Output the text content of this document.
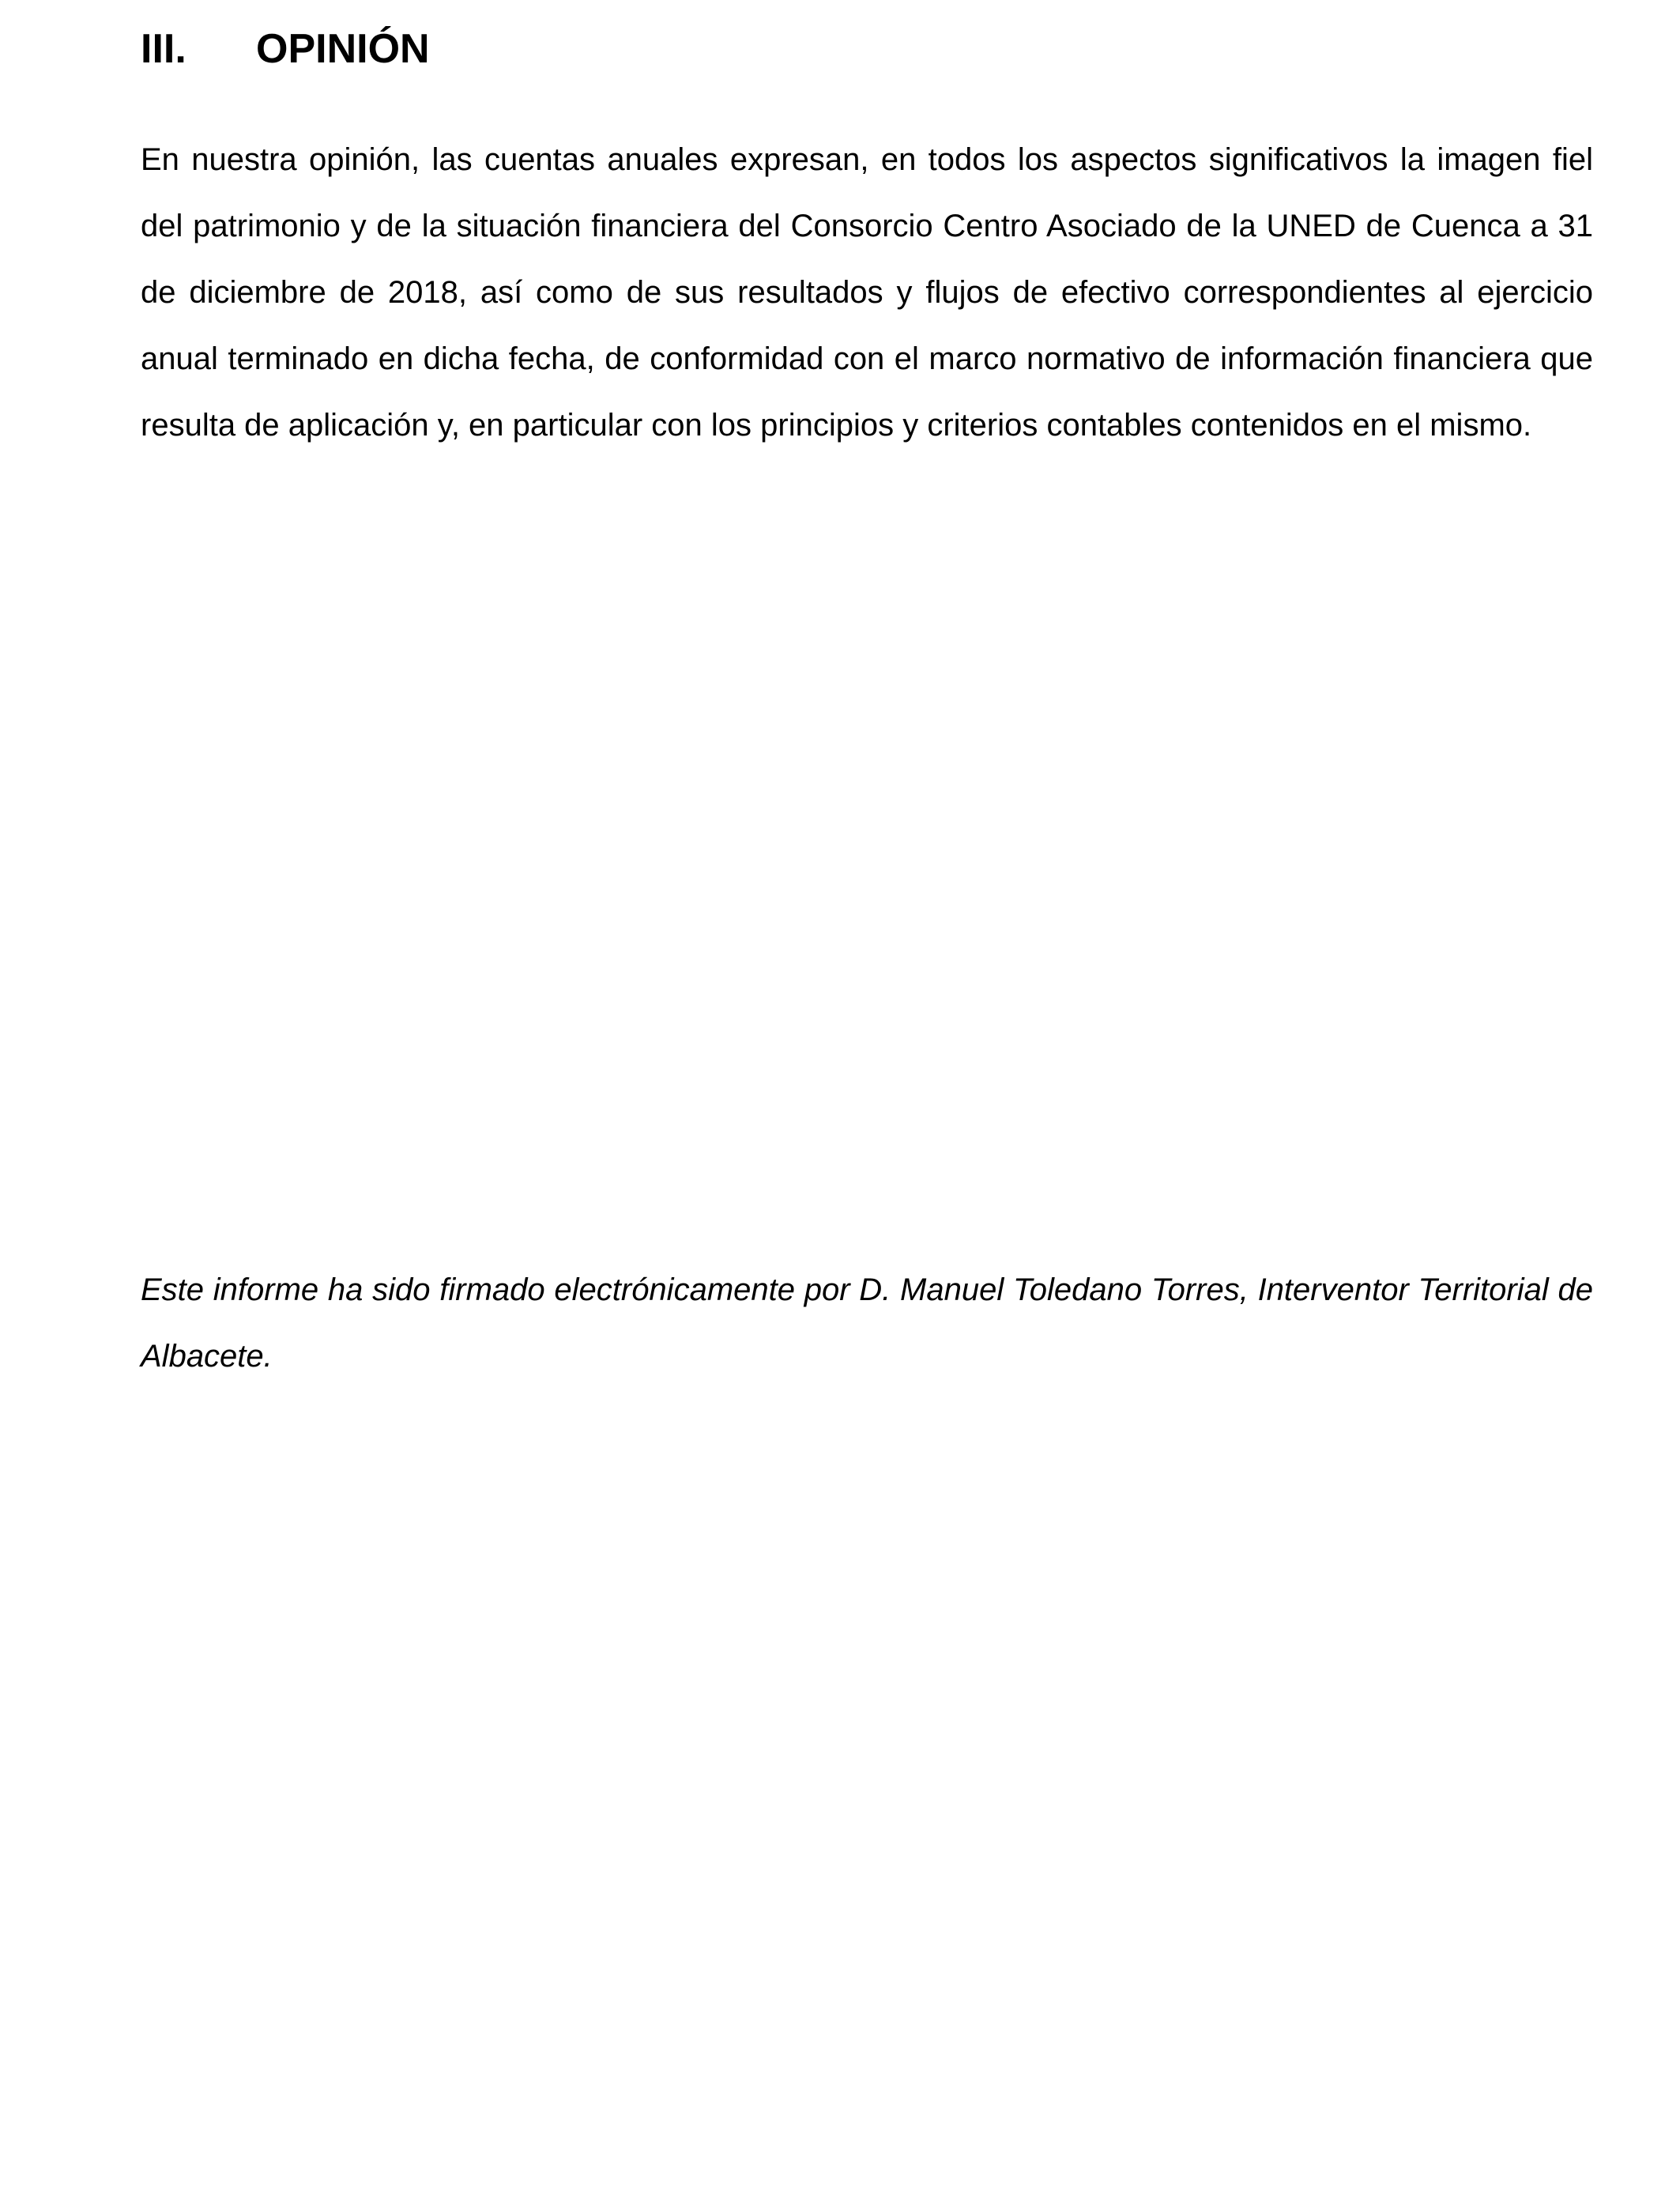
III. OPINIÓN

En nuestra opinión, las cuentas anuales expresan, en todos los aspectos significativos la imagen fiel del patrimonio y de la situación financiera del Consorcio Centro Asociado de la UNED de Cuenca a 31 de diciembre de 2018, así como de sus resultados y flujos de efectivo correspondientes al ejercicio anual terminado en dicha fecha, de conformidad con el marco normativo de información financiera que resulta de aplicación y, en particular con los principios y criterios contables contenidos en el mismo.

Este informe ha sido firmado electrónicamente por D. Manuel Toledano Torres, Interventor Territorial de Albacete.
